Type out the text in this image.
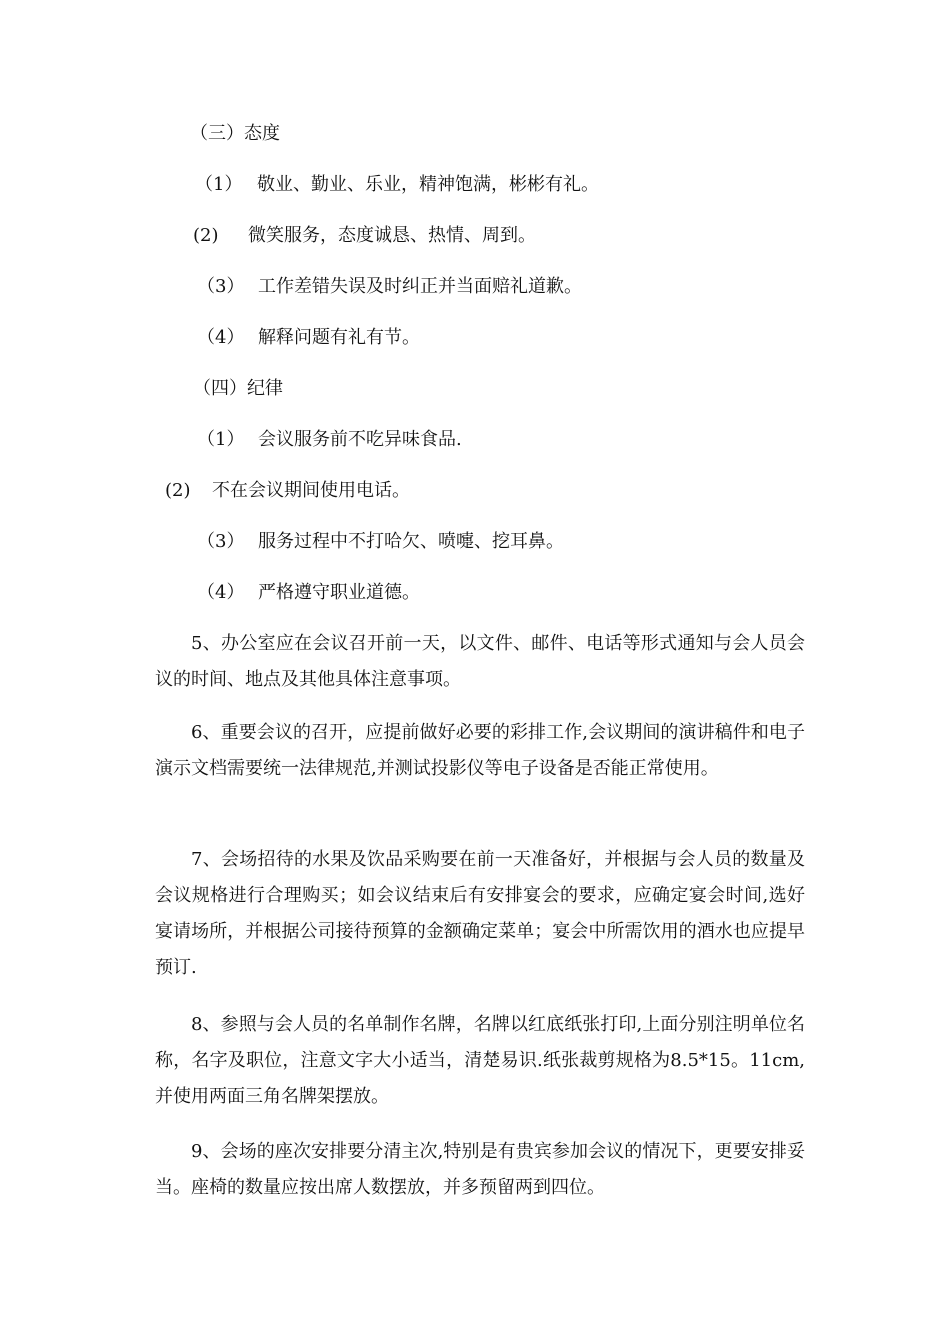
（三）态度
（1） 敬业、勤业、乐业，精神饱满，彬彬有礼。
(2) 微笑服务，态度诚恳、热情、周到。
（3） 工作差错失误及时纠正并当面赔礼道歉。
（4） 解释问题有礼有节。
（四）纪律
（1） 会议服务前不吃异味食品.
(2) 不在会议期间使用电话。
（3） 服务过程中不打哈欠、喷嚏、挖耳鼻。
（4） 严格遵守职业道德。
5、办公室应在会议召开前一天，以文件、邮件、电话等形式通知与会人员会议的时间、地点及其他具体注意事项。
6、重要会议的召开，应提前做好必要的彩排工作,会议期间的演讲稿件和电子演示文档需要统一法律规范,并测试投影仪等电子设备是否能正常使用。
7、会场招待的水果及饮品采购要在前一天准备好，并根据与会人员的数量及会议规格进行合理购买；如会议结束后有安排宴会的要求，应确定宴会时间,选好宴请场所，并根据公司接待预算的金额确定菜单；宴会中所需饮用的酒水也应提早预订.
8、参照与会人员的名单制作名牌，名牌以红底纸张打印,上面分别注明单位名称，名字及职位，注意文字大小适当，清楚易识.纸张裁剪规格为8.5*15。11cm,并使用两面三角名牌架摆放。
9、会场的座次安排要分清主次,特别是有贵宾参加会议的情况下，更要安排妥当。座椅的数量应按出席人数摆放，并多预留两到四位。
